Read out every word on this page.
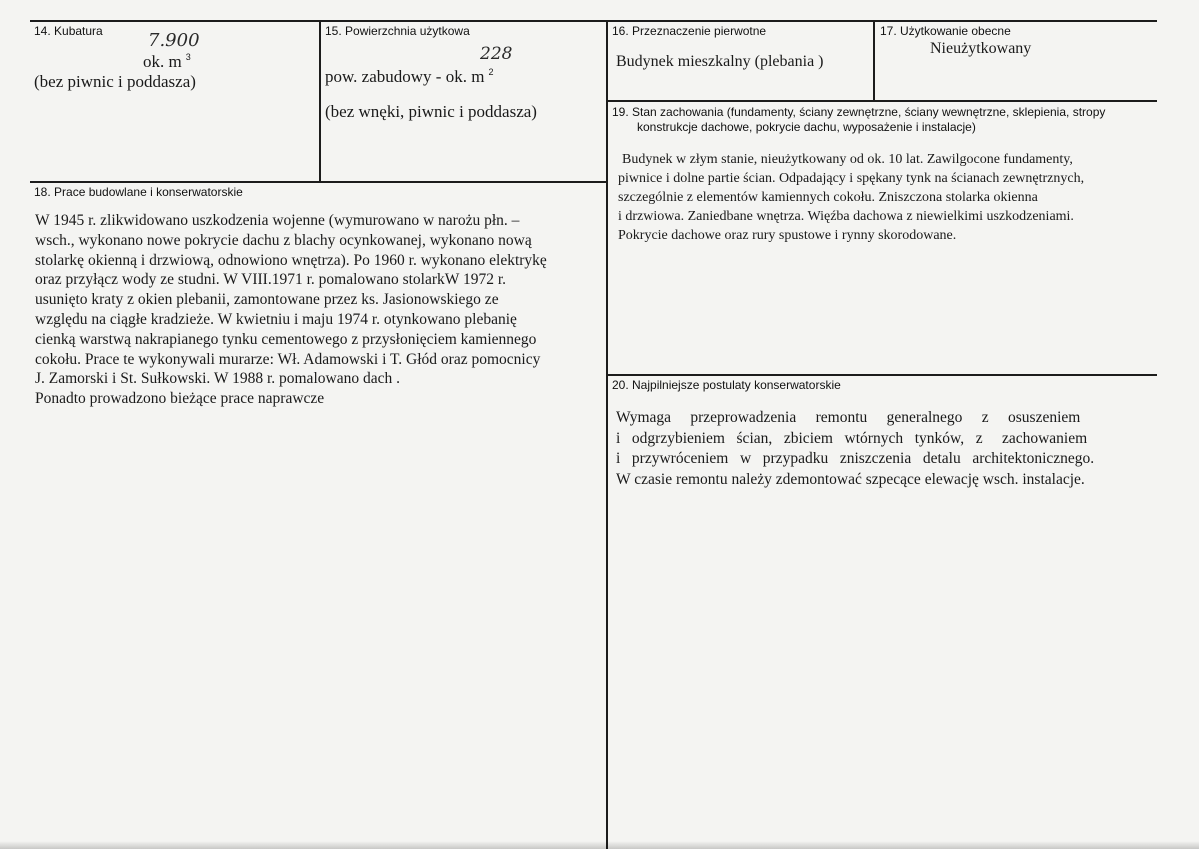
14. Kubatura	7.900
ok. m $^3$
(bez piwnic i poddasza)
15. Powierzchnia użytkowa
228
pow. zabudowy - ok. m $^2$
(bez wnęki, piwnic i poddasza)
16. Przeznaczenie pierwotne
Budynek mieszkalny (plebania )
17. Użytkowanie obecne
Nieużytkowany
18. Prace budowlane i konserwatorskie
W 1945 r. zlikwidowano uszkodzenia wojenne (wymurowano w narożu płn. –
wsch., wykonano nowe pokrycie dachu z blachy ocynkowanej, wykonano nową
stolarkę okienną i drzwiową, odnowiono wnętrza). Po 1960 r. wykonano elektrykę
oraz przyłącz wody ze studni. W VIII.1971 r. pomalowano stolarkW 1972 r.
usunięto kraty z okien plebanii, zamontowane przez ks. Jasionowskiego ze
względu na ciągłe kradzieże. W kwietniu i maju 1974 r. otynkowano plebanię
cienką warstwą nakrapianego tynku cementowego z przysłonięciem kamiennego
cokołu. Prace te wykonywali murarze: Wł. Adamowski i T. Głód oraz pomocnicy
J. Zamorski i St. Sułkowski. W 1988 r. pomalowano dach .
Ponadto prowadzono bieżące prace naprawcze
19. Stan zachowania (fundamenty, ściany zewnętrzne, ściany wewnętrzne, sklepienia, stropy
konstrukcje dachowe, pokrycie dachu, wyposażenie i instalacje)
Budynek w złym stanie, nieużytkowany od ok. 10 lat. Zawilgocone fundamenty,
piwnice i dolne partie ścian. Odpadający i spękany tynk na ścianach zewnętrznych,
szczególnie z elementów kamiennych cokołu. Zniszczona stolarka okienna
i drzwiowa. Zaniedbane wnętrza. Więźba dachowa z niewielkimi uszkodzeniami.
Pokrycie dachowe oraz rury spustowe i rynny skorodowane.
20. Najpilniejsze postulaty konserwatorskie
Wymaga     przeprowadzenia     remontu     generalnego     z     osuszeniem
i   odgrzybieniem   ścian,   zbiciem   wtórnych   tynków,   z     zachowaniem
i   przywróceniem   w   przypadku   zniszczenia   detalu   architektonicznego.
W czasie remontu należy zdemontować szpecące elewację wsch. instalacje.
